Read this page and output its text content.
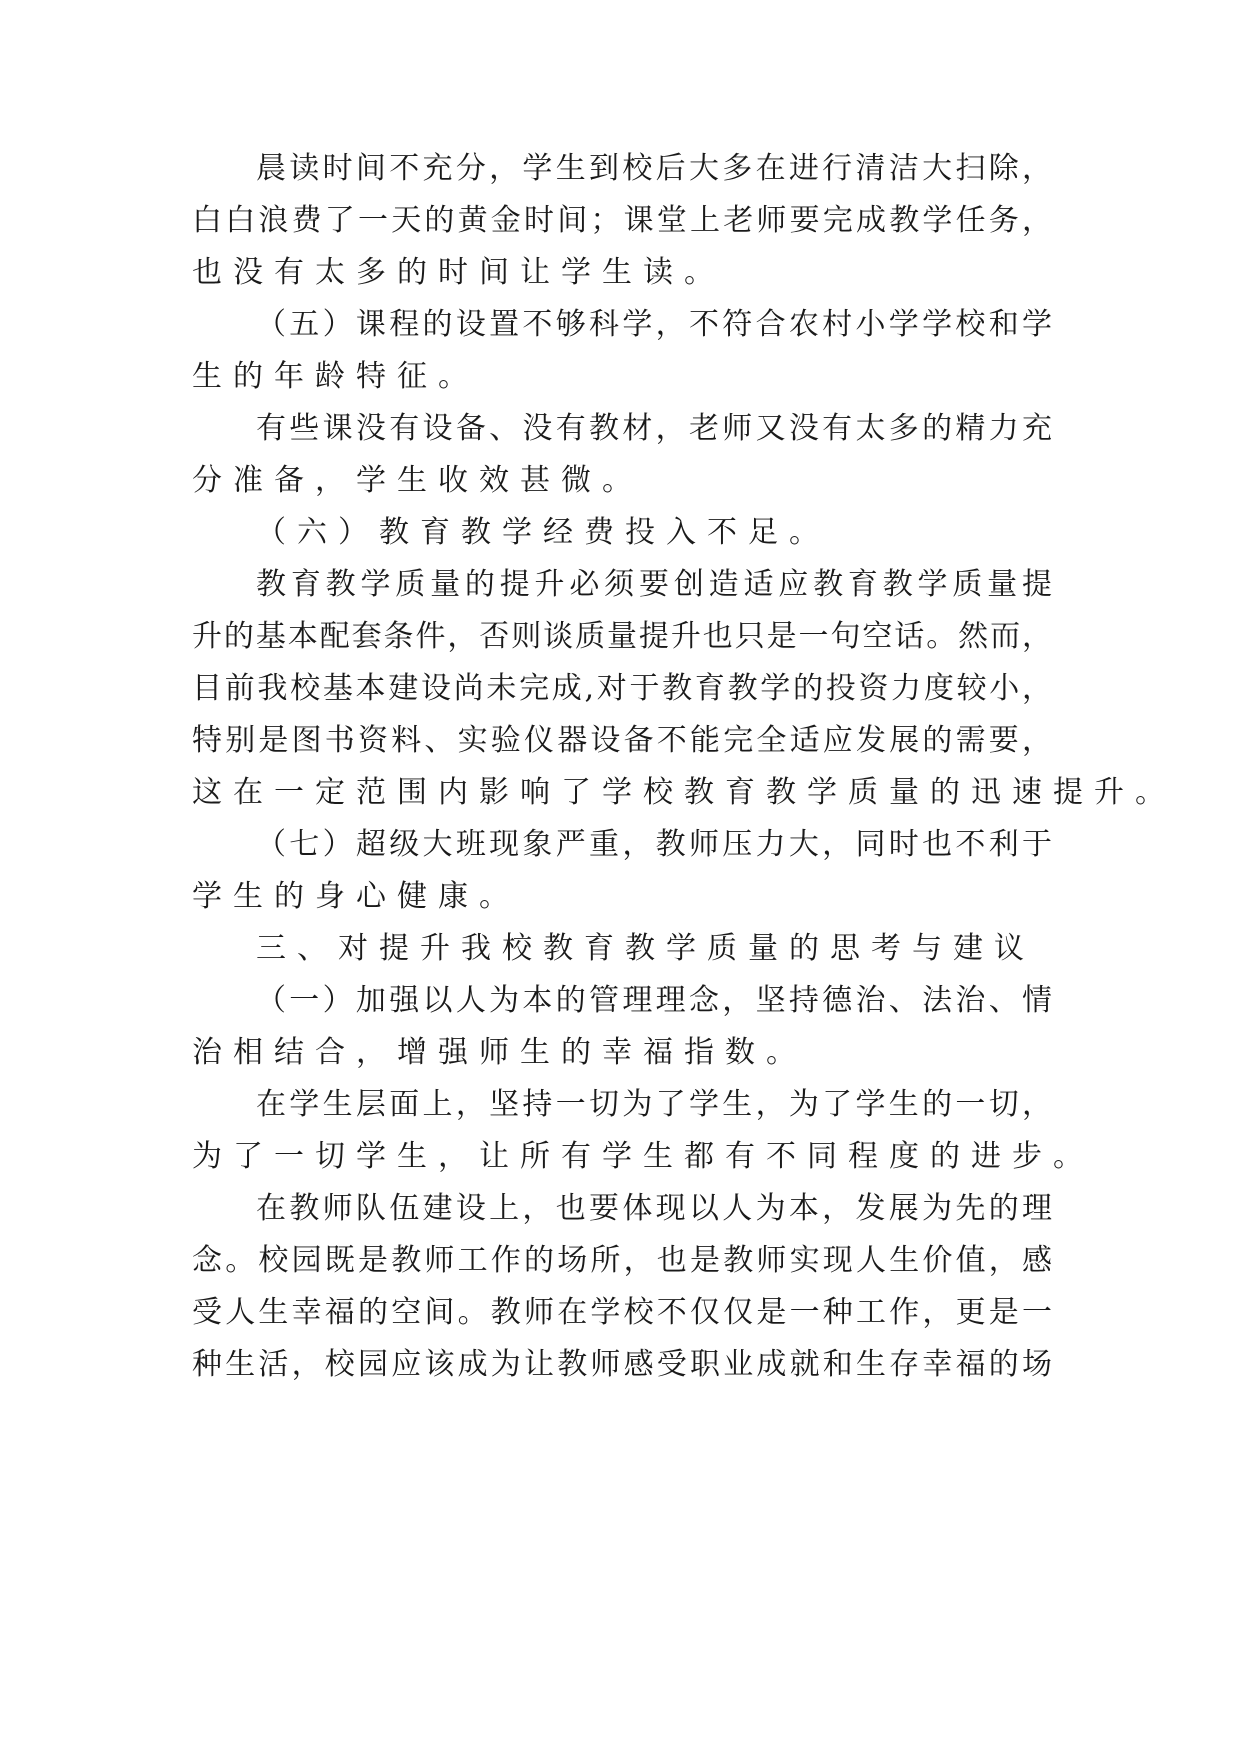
晨读时间不充分，学生到校后大多在进行清洁大扫除，
白白浪费了一天的黄金时间；课堂上老师要完成教学任务，
也没有太多的时间让学生读。
（五）课程的设置不够科学，不符合农村小学学校和学
生的年龄特征。
有些课没有设备、没有教材，老师又没有太多的精力充
分准备，学生收效甚微。
（六）教育教学经费投入不足。
教育教学质量的提升必须要创造适应教育教学质量提
升的基本配套条件，否则谈质量提升也只是一句空话。然而，
目前我校基本建设尚未完成,对于教育教学的投资力度较小，
特别是图书资料、实验仪器设备不能完全适应发展的需要，
这在一定范围内影响了学校教育教学质量的迅速提升。
（七）超级大班现象严重，教师压力大，同时也不利于
学生的身心健康。
三、对提升我校教育教学质量的思考与建议
（一）加强以人为本的管理理念，坚持德治、法治、情
治相结合，增强师生的幸福指数。
在学生层面上，坚持一切为了学生，为了学生的一切，
为了一切学生，让所有学生都有不同程度的进步。
在教师队伍建设上，也要体现以人为本，发展为先的理
念。校园既是教师工作的场所，也是教师实现人生价值，感
受人生幸福的空间。教师在学校不仅仅是一种工作，更是一
种生活，校园应该成为让教师感受职业成就和生存幸福的场
